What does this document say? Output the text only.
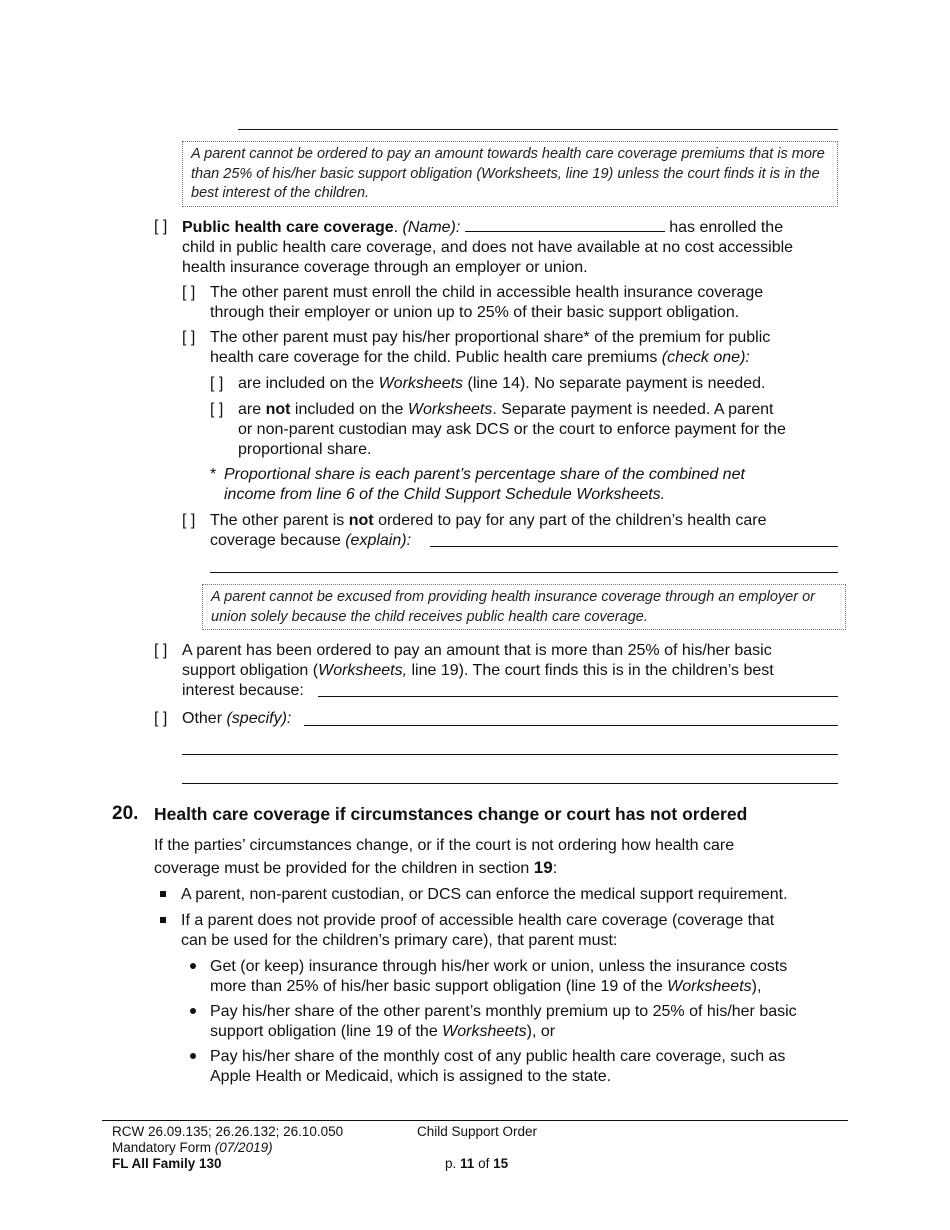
A parent cannot be ordered to pay an amount towards health care coverage premiums that is more than 25% of his/her basic support obligation (Worksheets, line 19) unless the court finds it is in the best interest of the children.
[ ] Public health care coverage. (Name):	has enrolled the
child in public health care coverage, and does not have available at no cost accessible
health insurance coverage through an employer or union.
[ ] The other parent must enroll the child in accessible health insurance coverage
through their employer or union up to 25% of their basic support obligation.
[ ] The other parent must pay his/her proportional share* of the premium for public
health care coverage for the child. Public health care premiums (check one):
[ ] are included on the Worksheets (line 14). No separate payment is needed.
[ ] are not included on the Worksheets. Separate payment is needed. A parent
or non-parent custodian may ask DCS or the court to enforce payment for the
proportional share.
* Proportional share is each parent’s percentage share of the combined net
income from line 6 of the Child Support Schedule Worksheets.
[ ] The other parent is not ordered to pay for any part of the children’s health care
coverage because (explain):
A parent cannot be excused from providing health insurance coverage through an employer or union solely because the child receives public health care coverage.
[ ] A parent has been ordered to pay an amount that is more than 25% of his/her basic
support obligation (Worksheets, line 19). The court finds this is in the children’s best
interest because:
[ ] Other (specify):
20. Health care coverage if circumstances change or court has not ordered
If the parties’ circumstances change, or if the court is not ordering how health care
coverage must be provided for the children in section 19:
A parent, non-parent custodian, or DCS can enforce the medical support requirement.
If a parent does not provide proof of accessible health care coverage (coverage that
can be used for the children’s primary care), that parent must:
Get (or keep) insurance through his/her work or union, unless the insurance costs
more than 25% of his/her basic support obligation (line 19 of the Worksheets),
Pay his/her share of the other parent’s monthly premium up to 25% of his/her basic
support obligation (line 19 of the Worksheets), or
Pay his/her share of the monthly cost of any public health care coverage, such as
Apple Health or Medicaid, which is assigned to the state.
RCW 26.09.135; 26.26.132; 26.10.050
Mandatory Form (07/2019)
FL All Family 130
Child Support Order
p. 11 of 15
